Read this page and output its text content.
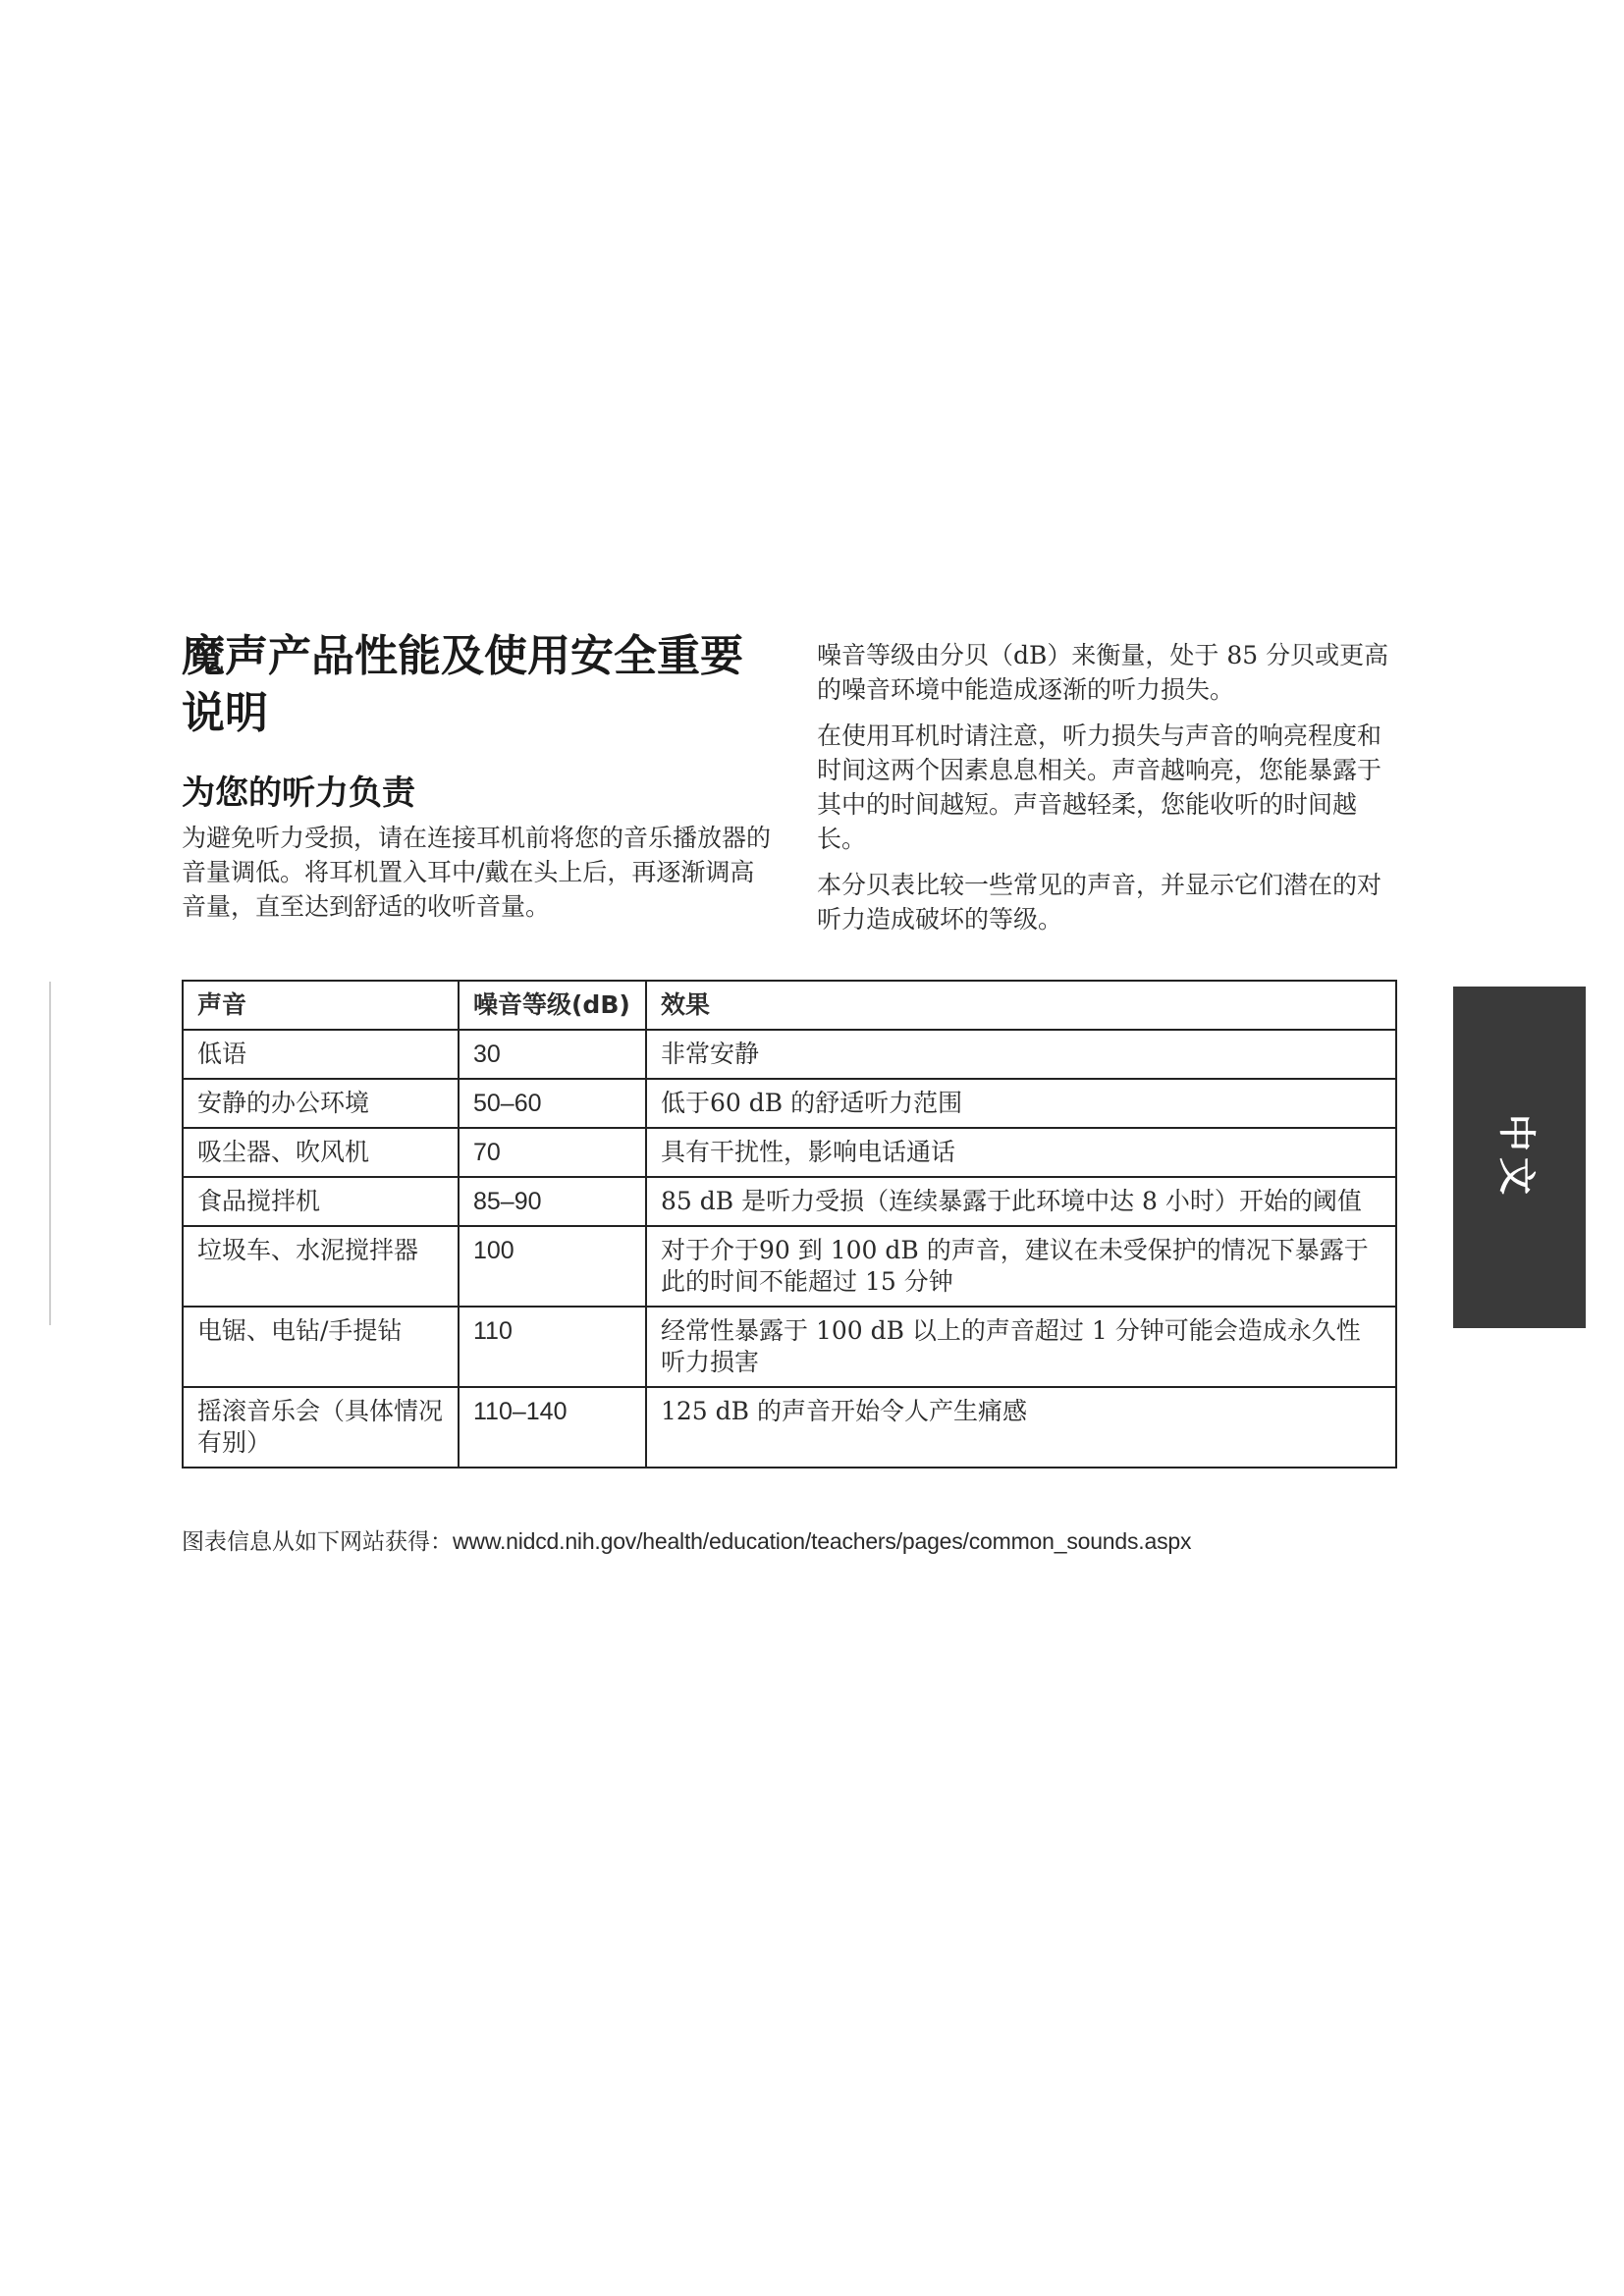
魔声产品性能及使用安全重要说明
为您的听力负责

为避免听力受损，请在连接耳机前将您的音乐播放器的音量调低。将耳机置入耳中/戴在头上后，再逐渐调高音量，直至达到舒适的收听音量。

噪音等级由分贝（dB）来衡量，处于 85 分贝或更高的噪音环境中能造成逐渐的听力损失。

在使用耳机时请注意，听力损失与声音的响亮程度和时间这两个因素息息相关。声音越响亮，您能暴露于其中的时间越短。声音越轻柔，您能收听的时间越长。

本分贝表比较一些常见的声音，并显示它们潜在的对听力造成破坏的等级。

声音	噪音等级(dB)	效果
低语	30	非常安静
安静的办公环境	50–60	低于60 dB 的舒适听力范围
吸尘器、吹风机	70	具有干扰性，影响电话通话
食品搅拌机	85–90	85 dB 是听力受损（连续暴露于此环境中达 8 小时）开始的阈值
垃圾车、水泥搅拌器	100	对于介于90 到 100 dB 的声音，建议在未受保护的情况下暴露于此的时间不能超过 15 分钟
电锯、电钻/手提钻	110	经常性暴露于 100 dB 以上的声音超过 1 分钟可能会造成永久性听力损害
摇滚音乐会（具体情况有别）	110–140	125 dB 的声音开始令人产生痛感
图表信息从如下网站获得：www.nidcd.nih.gov/health/education/teachers/pages/common_sounds.aspx
中文
